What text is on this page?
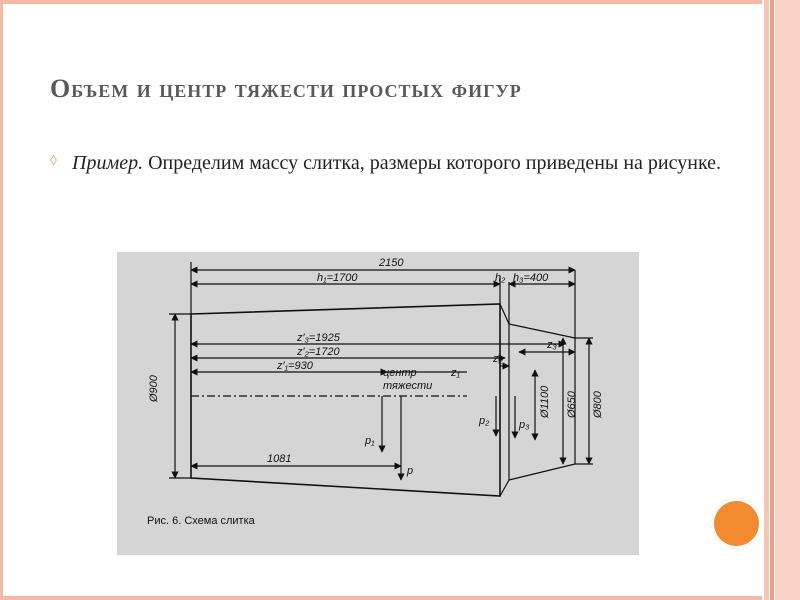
Объем и центр тяжести простых фигур
◊ Пример. Определим массу слитка, размеры которого приведены на рисунке.

2150
h₁=1700	h₂ h₃=400
z′₃=1925
z′₂=1720
z′₁=930
центр
тяжести
z₁
z₂
z₃
1081
Ø900	Ø1100 Ø650 Ø800
p₁
p
p₂	p₃
Рис. 6. Схема слитка
